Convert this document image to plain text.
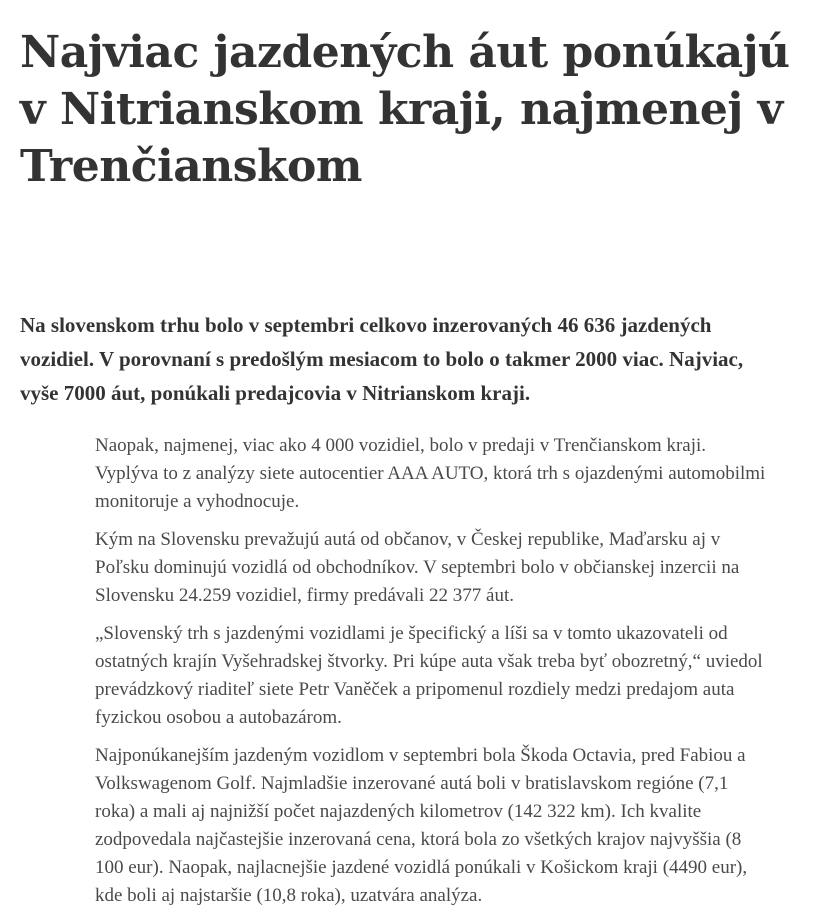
Najviac jazdených áut ponúkajú v Nitrianskom kraji, najmenej v Trenčianskom

Na slovenskom trhu bolo v septembri celkovo inzerovaných 46 636 jazdených vozidiel. V porovnaní s predošlým mesiacom to bolo o takmer 2000 viac. Najviac, vyše 7000 áut, ponúkali predajcovia v Nitrianskom kraji.

Naopak, najmenej, viac ako 4 000 vozidiel, bolo v predaji v Trenčianskom kraji. Vyplýva to z analýzy siete autocentier AAA AUTO, ktorá trh s ojazdenými automobilmi monitoruje a vyhodnocuje.

Kým na Slovensku prevažujú autá od občanov, v Českej republike, Maďarsku aj v Poľsku dominujú vozidlá od obchodníkov. V septembri bolo v občianskej inzercii na Slovensku 24.259 vozidiel, firmy predávali 22 377 áut.

„Slovenský trh s jazdenými vozidlami je špecifický a líši sa v tomto ukazovateli od ostatných krajín Vyšehradskej štvorky. Pri kúpe auta však treba byť obozretný,“ uviedol prevádzkový riaditeľ siete Petr Vaněček a pripomenul rozdiely medzi predajom auta fyzickou osobou a autobazárom.

Najponúkanejším jazdeným vozidlom v septembri bola Škoda Octavia, pred Fabiou a Volkswagenom Golf. Najmladšie inzerované autá boli v bratislavskom regióne (7,1 roka) a mali aj najnižší počet najazdených kilometrov (142 322 km). Ich kvalite zodpovedala najčastejšie inzerovaná cena, ktorá bola zo všetkých krajov najvyššia (8 100 eur). Naopak, najlacnejšie jazdené vozidlá ponúkali v Košickom kraji (4490 eur), kde boli aj najstaršie (10,8 roka), uzatvára analýza.
